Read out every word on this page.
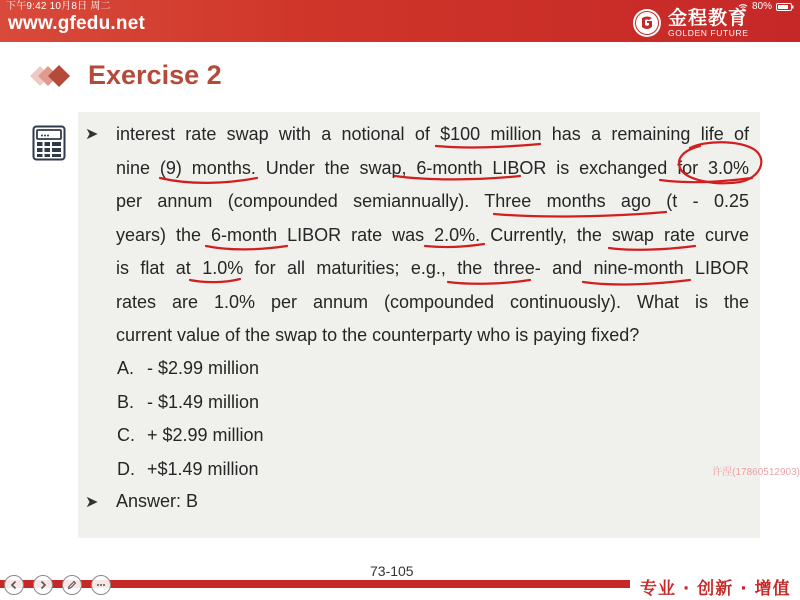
下午9:42 10月8日 周二	80%
www.gfedu.net	金程教育
GOLDEN FUTURE
Exercise 2
➤ interest rate swap with a notional of $100 million has a remaining life of
nine (9) months. Under the swap, 6-month LIBOR is exchanged for 3.0%
per annum (compounded semiannually). Three months ago (t - 0.25
years) the 6-month LIBOR rate was 2.0%. Currently, the swap rate curve
is flat at 1.0% for all maturities; e.g., the three- and nine-month LIBOR
rates are 1.0% per annum (compounded continuously). What is the
current value of the swap to the counterparty who is paying fixed?
A. - $2.99 million
B. - $1.49 million
C. + $2.99 million
D. +$1.49 million
➤ Answer: B
许涅(17860512903)
73-105
专业 · 创新 · 增值
